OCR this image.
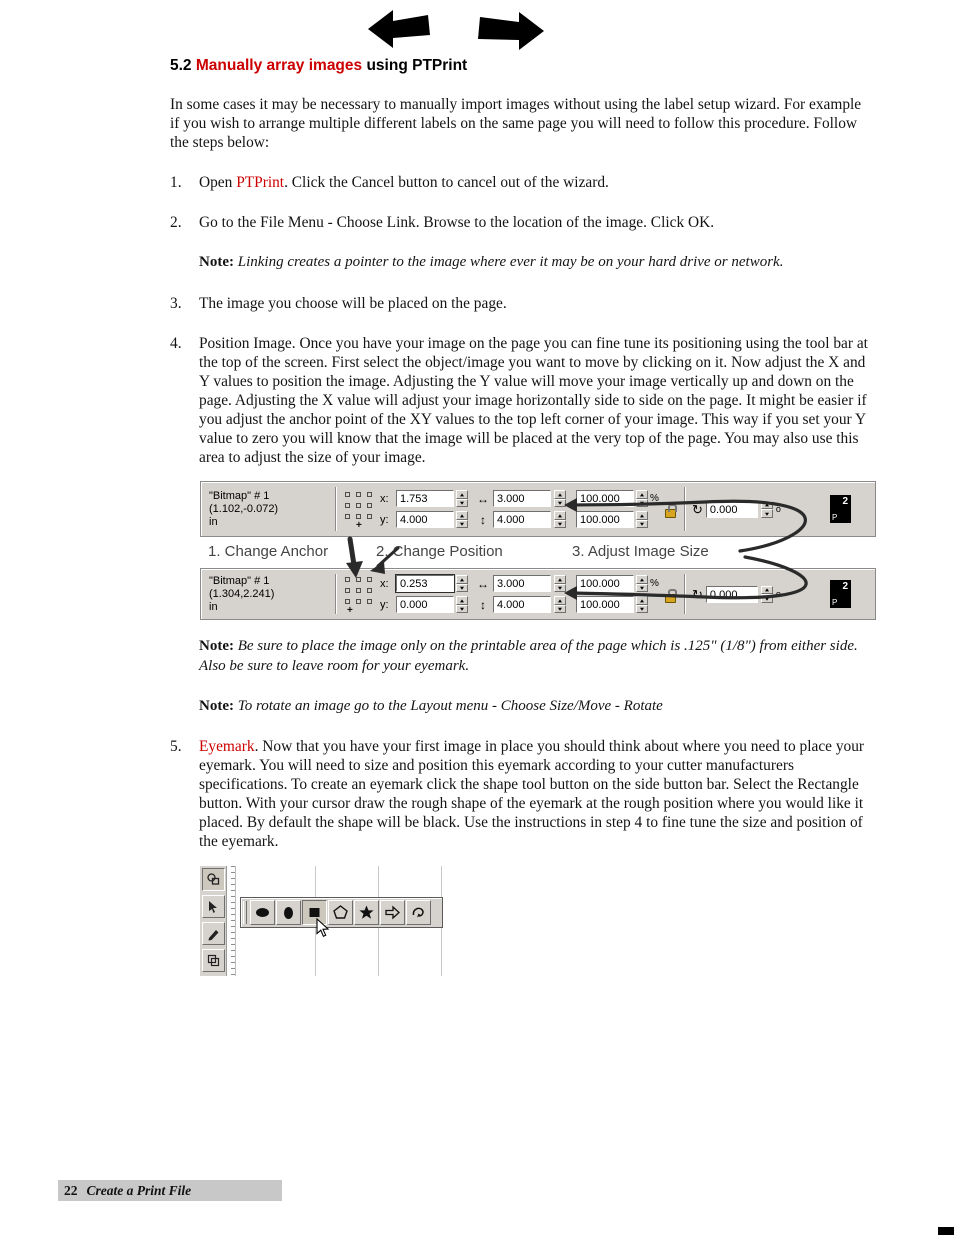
5.2 Manually array images using PTPrint

In some cases it may be necessary to manually import images without using the label setup wizard. For example if you wish to arrange multiple different labels on the same page you will need to follow this procedure. Follow the steps below:

1.	Open PTPrint. Click the Cancel button to cancel out of the wizard.
2.	Go to the File Menu - Choose Link. Browse to the location of the image. Click OK.

Note: Linking creates a pointer to the image where ever it may be on your hard drive or network.

3.	The image you choose will be placed on the page.
4.	Position Image. Once you have your image on the page you can fine tune its positioning using the tool bar at the top of the screen. First select the object/image you want to move by clicking on it. Now adjust the X and Y values to position the image. Adjusting the Y value will move your image vertically up and down on the page. Adjusting the X value will adjust your image horizontally side to side on the page. It might be easier if you adjust the anchor point of the XY values to the top left corner of your image. This way if you set your Y value to zero you will know that the image will be placed at the very top of the page. You may also use this area to adjust the size of your image.
"Bitmap" # 1
(1.102,-0.072)
in	+
x:	1.753
y:	4.000
↔ 3.000
↕	4.000
100.000	%
100.000
↻ 0.000	o
2
P
1. Change Anchor	2. Change Position	3. Adjust Image Size
"Bitmap" # 1
(1.304,2.241)
in	+
x:	0.253
y:	0.000
↔ 3.000
↕	4.000
100.000	%
100.000
↻ 0.000	o
2
P

Note: Be sure to place the image only on the printable area of the page which is .125" (1/8") from either side. Also be sure to leave room for your eyemark.

Note: To rotate an image go to the Layout menu - Choose Size/Move - Rotate

5.	Eyemark. Now that you have your first image in place you should think about where you need to place your eyemark. You will need to size and position this eyemark according to your cutter manufacturers specifications. To create an eyemark click the shape tool button on the side button bar. Select the Rectangle button. With your cursor draw the rough shape of the eyemark at the rough position where you would like it placed. By default the shape will be black. Use the instructions in step 4 to fine tune the size and position of the eyemark.
22 Create a Print File
